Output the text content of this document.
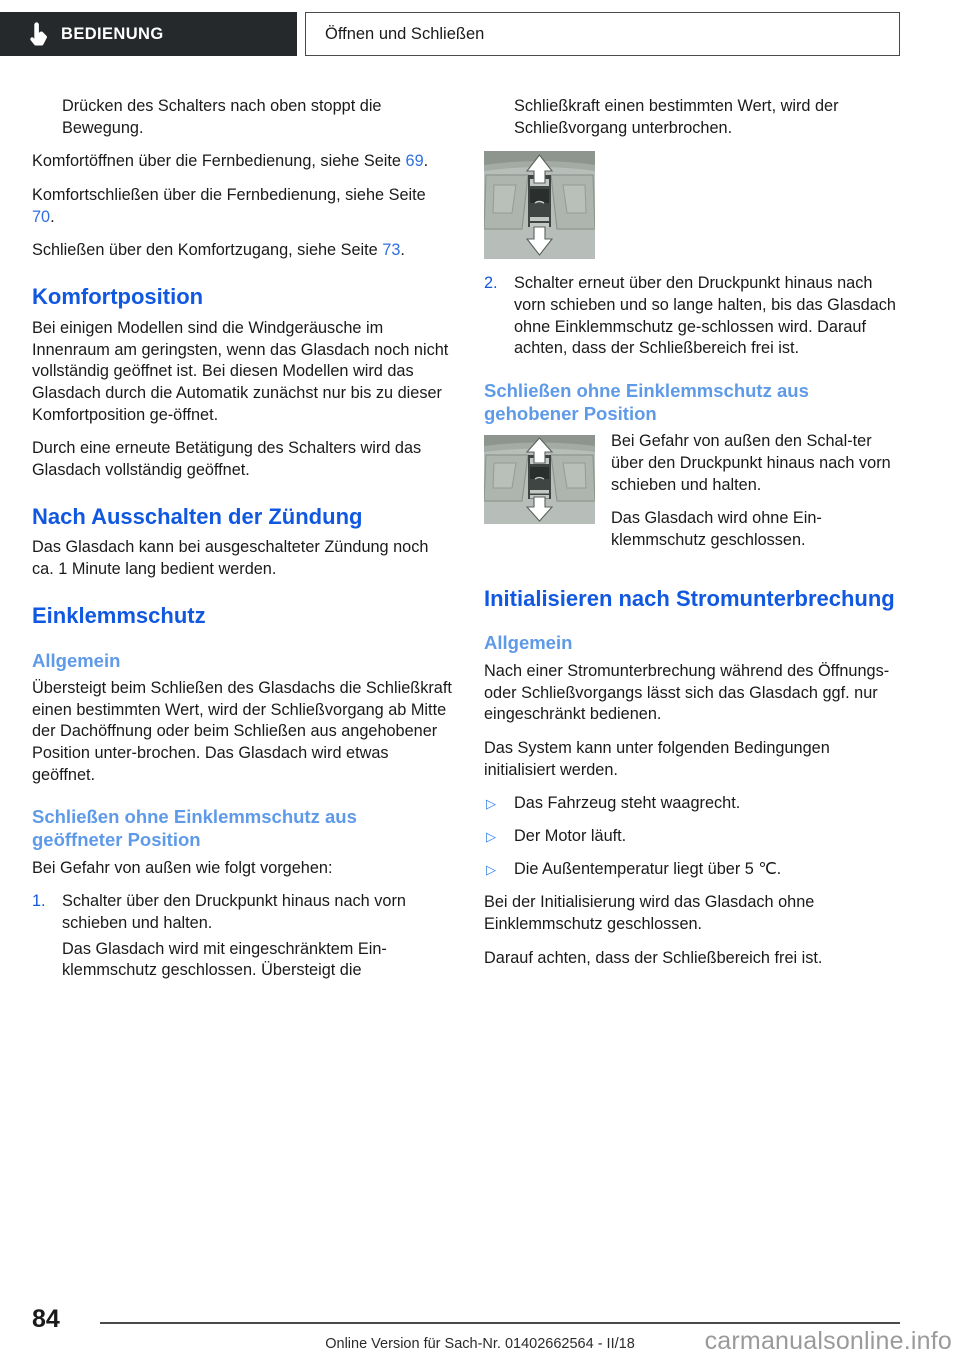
BEDIENUNG	Öffnen und Schließen

Drücken des Schalters nach oben stoppt die Bewegung.

Komfortöffnen über die Fernbedienung, siehe Seite 69.

Komfortschließen über die Fernbedienung, siehe Seite 70.

Schließen über den Komfortzugang, siehe Seite 73.

Komfortposition

Bei einigen Modellen sind die Windgeräusche im Innenraum am geringsten, wenn das Glasdach noch nicht vollständig geöffnet ist. Bei diesen Modellen wird das Glasdach durch die Automatik zunächst nur bis zu dieser Komfortposition ge-öffnet.

Durch eine erneute Betätigung des Schalters wird das Glasdach vollständig geöffnet.

Nach Ausschalten der Zündung

Das Glasdach kann bei ausgeschalteter Zündung noch ca. 1 Minute lang bedient werden.

Einklemmschutz
Allgemein

Übersteigt beim Schließen des Glasdachs die Schließkraft einen bestimmten Wert, wird der Schließvorgang ab Mitte der Dachöffnung oder beim Schließen aus angehobener Position unter-brochen. Das Glasdach wird etwas geöffnet.

Schließen ohne Einklemmschutz aus geöffneter Position

Bei Gefahr von außen wie folgt vorgehen:

1. Schalter über den Druckpunkt hinaus nach vorn schieben und halten.
Das Glasdach wird mit eingeschränktem Ein-klemmschutz geschlossen. Übersteigt die

Schließkraft einen bestimmten Wert, wird der Schließvorgang unterbrochen.

2. Schalter erneut über den Druckpunkt hinaus nach vorn schieben und so lange halten, bis das Glasdach ohne Einklemmschutz ge-schlossen wird. Darauf achten, dass der Schließbereich frei ist.
Schließen ohne Einklemmschutz aus gehobener Position

Bei Gefahr von außen den Schal-ter über den Druckpunkt hinaus nach vorn schieben und halten.

Das Glasdach wird ohne Ein-klemmschutz geschlossen.

Initialisieren nach Stromunterbrechung
Allgemein

Nach einer Stromunterbrechung während des Öffnungs- oder Schließvorgangs lässt sich das Glasdach ggf. nur eingeschränkt bedienen.

Das System kann unter folgenden Bedingungen initialisiert werden.

▷ Das Fahrzeug steht waagrecht.
▷ Der Motor läuft.
▷ Die Außentemperatur liegt über 5 ℃.

Bei der Initialisierung wird das Glasdach ohne Einklemmschutz geschlossen.

Darauf achten, dass der Schließbereich frei ist.

84
Online Version für Sach-Nr. 01402662564 - II/18	carmanualsonline.info
